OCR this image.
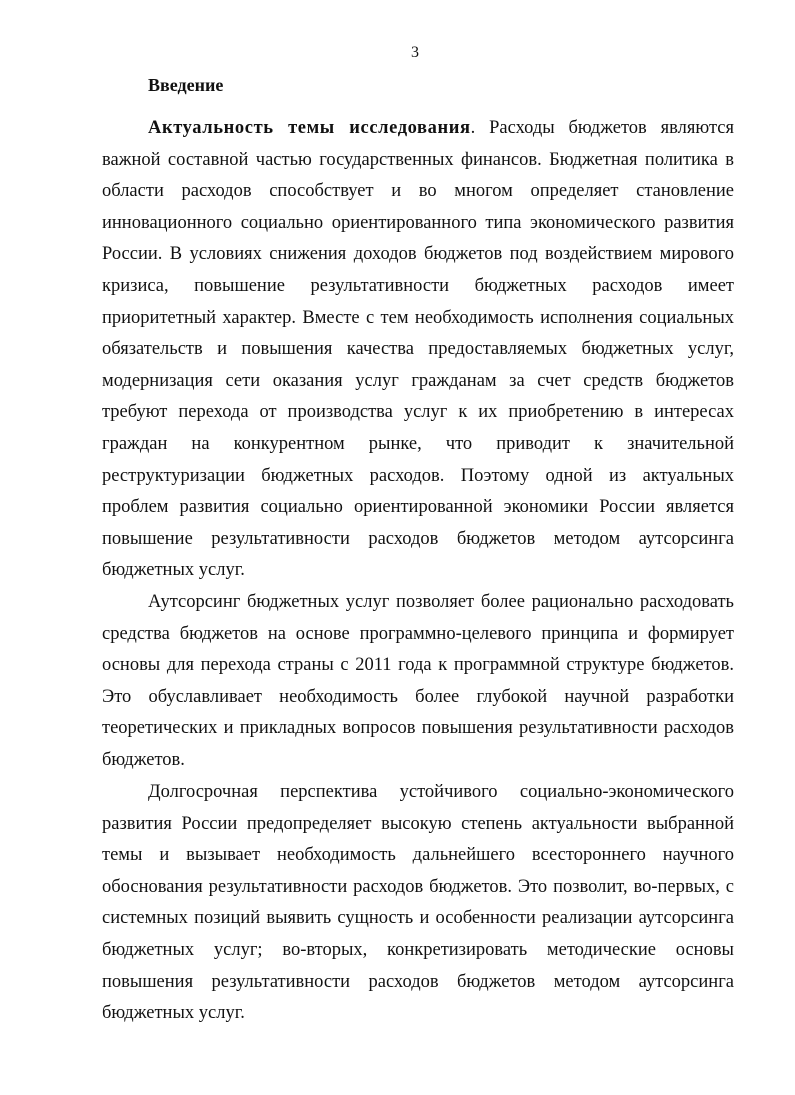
3
Введение

Актуальность темы исследования. Расходы бюджетов являются важной составной частью государственных финансов. Бюджетная политика в области расходов способствует и во многом определяет становление инновационного социально ориентированного типа экономического развития России. В условиях снижения доходов бюджетов под воздействием мирового кризиса, повышение результативности бюджетных расходов имеет приоритетный характер. Вместе с тем необходимость исполнения социальных обязательств и повышения качества предоставляемых бюджетных услуг, модернизация сети оказания услуг гражданам за счет средств бюджетов требуют перехода от производства услуг к их приобретению в интересах граждан на конкурентном рынке, что приводит к значительной реструктуризации бюджетных расходов. Поэтому одной из актуальных проблем развития социально ориентированной экономики России является повышение результативности расходов бюджетов методом аутсорсинга бюджетных услуг.

Аутсорсинг бюджетных услуг позволяет более рационально расходовать средства бюджетов на основе программно-целевого принципа и формирует основы для перехода страны с 2011 года к программной структуре бюджетов. Это обуславливает необходимость более глубокой научной разработки теоретических и прикладных вопросов повышения результативности расходов бюджетов.

Долгосрочная перспектива устойчивого социально-экономического развития России предопределяет высокую степень актуальности выбранной темы и вызывает необходимость дальнейшего всестороннего научного обоснования результативности расходов бюджетов. Это позволит, во-первых, с системных позиций выявить сущность и особенности реализации аутсорсинга бюджетных услуг; во-вторых, конкретизировать методические основы повышения результативности расходов бюджетов методом аутсорсинга бюджетных услуг.
